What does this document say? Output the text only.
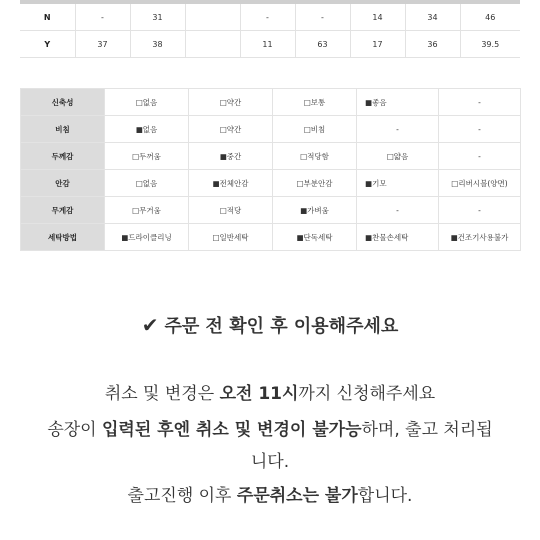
N	-	31		-	-	14	34	46
Y	37	38		11	63	17	36	39.5
신축성	□없음	□약간	□보통	■좋음	-
비침	■없음	□약간	□비침	-	-
두께감	□두꺼움	■중간	□적당함	□얇음	-
안감	□없음	■전체안감	□부분안감	■기모	□리버시블(양면)
무게감	□무거움	□적당	■가벼움	-	-
세탁방법	■드라이클리닝	□일반세탁	■단독세탁	■찬물손세탁	■건조기사용불가
✔ 주문 전 확인 후 이용해주세요
취소 및 변경은 오전 11시까지 신청해주세요
송장이 입력된 후엔 취소 및 변경이 불가능하며, 출고 처리됩
니다.
출고진행 이후 주문취소는 불가합니다.
